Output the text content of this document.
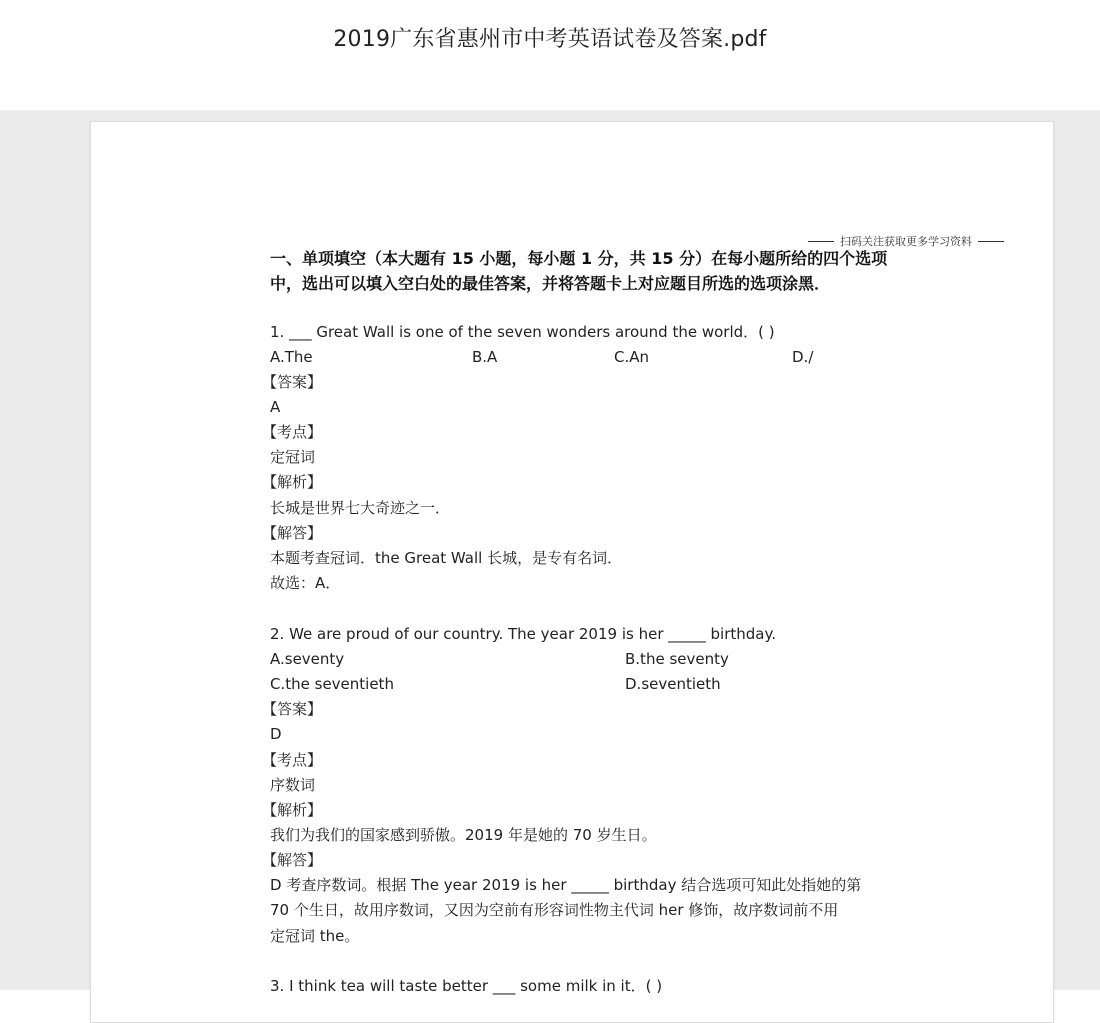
2019广东省惠州市中考英语试卷及答案.pdf
扫码关注获取更多学习资料
一、单项填空（本大题有 15 小题，每小题 1 分，共 15 分）在每小题所给的四个选项
中，选出可以填入空白处的最佳答案，并将答题卡上对应题目所选的选项涂黑．
1. ___ Great Wall is one of the seven wonders around the world．( )
A.The	B.A	C.An	D./
【答案】
A
【考点】
定冠词
【解析】
长城是世界七大奇迹之一．
【解答】
本题考查冠词．the Great Wall 长城，是专有名词．
故选：A．
2. We are proud of our country. The year 2019 is her _____ birthday.
A.seventy	B.the seventy
C.the seventieth	D.seventieth
【答案】
D
【考点】
序数词
【解析】
我们为我们的国家感到骄傲。2019 年是她的 70 岁生日。
【解答】
D 考查序数词。根据 The year 2019 is her _____ birthday 结合选项可知此处指她的第
70 个生日，故用序数词，又因为空前有形容词性物主代词 her 修饰，故序数词前不用
定冠词 the。
3. I think tea will taste better ___ some milk in it．( )
